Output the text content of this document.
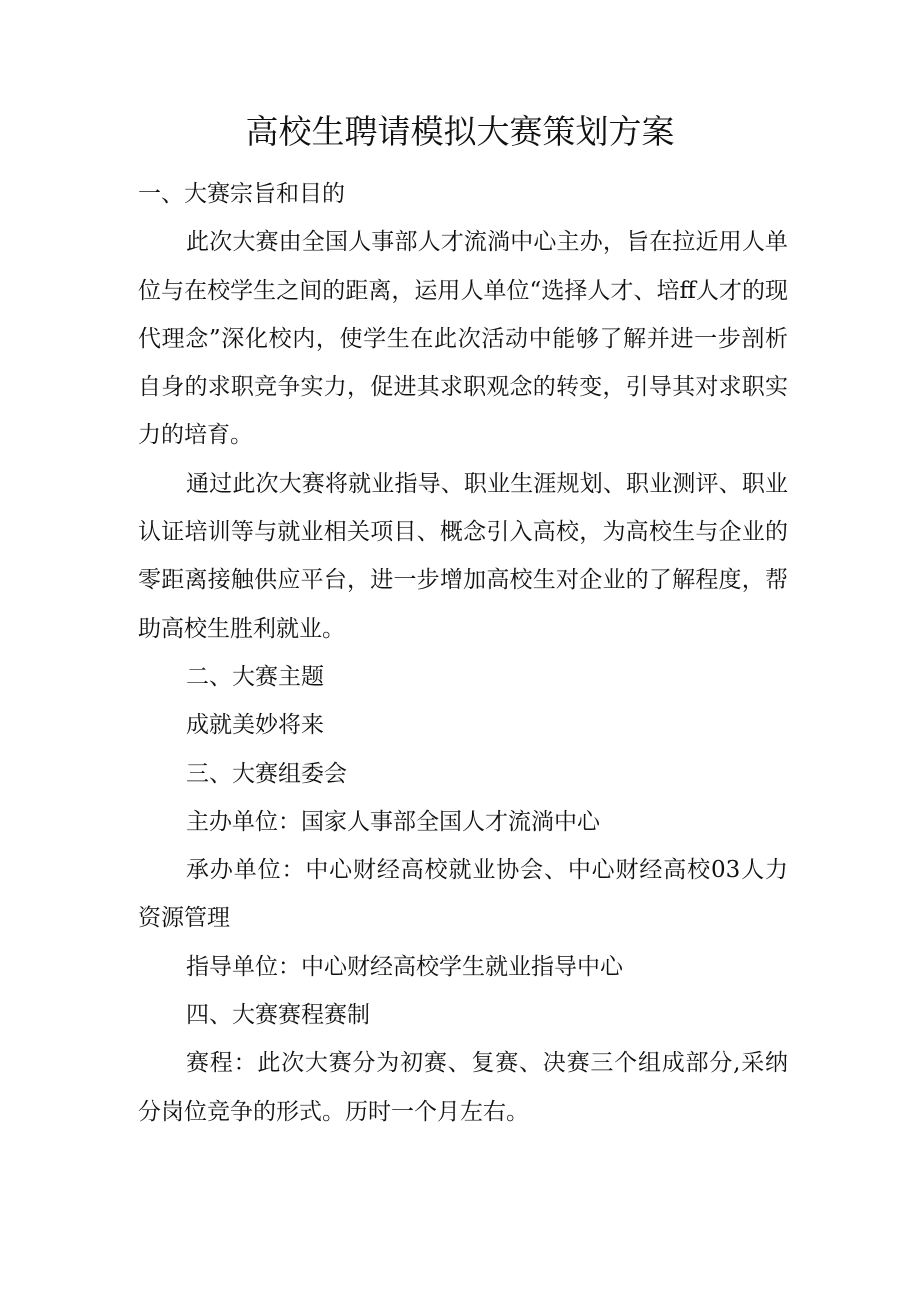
高校生聘请模拟大赛策划方案

一、大赛宗旨和目的

此次大赛由全国人事部人才流淌中心主办，旨在拉近用人单位与在校学生之间的距离，运用人单位“选择人才、培ff人才的现代理念”深化校内，使学生在此次活动中能够了解并进一步剖析自身的求职竞争实力，促进其求职观念的转变，引导其对求职实力的培育。

通过此次大赛将就业指导、职业生涯规划、职业测评、职业认证培训等与就业相关项目、概念引入高校，为高校生与企业的零距离接触供应平台，进一步增加高校生对企业的了解程度，帮助高校生胜利就业。

二、大赛主题

成就美妙将来

三、大赛组委会

主办单位：国家人事部全国人才流淌中心

承办单位：中心财经高校就业协会、中心财经高校03人力资源管理

指导单位：中心财经高校学生就业指导中心

四、大赛赛程赛制

赛程：此次大赛分为初赛、复赛、决赛三个组成部分,采纳分岗位竞争的形式。历时一个月左右。
